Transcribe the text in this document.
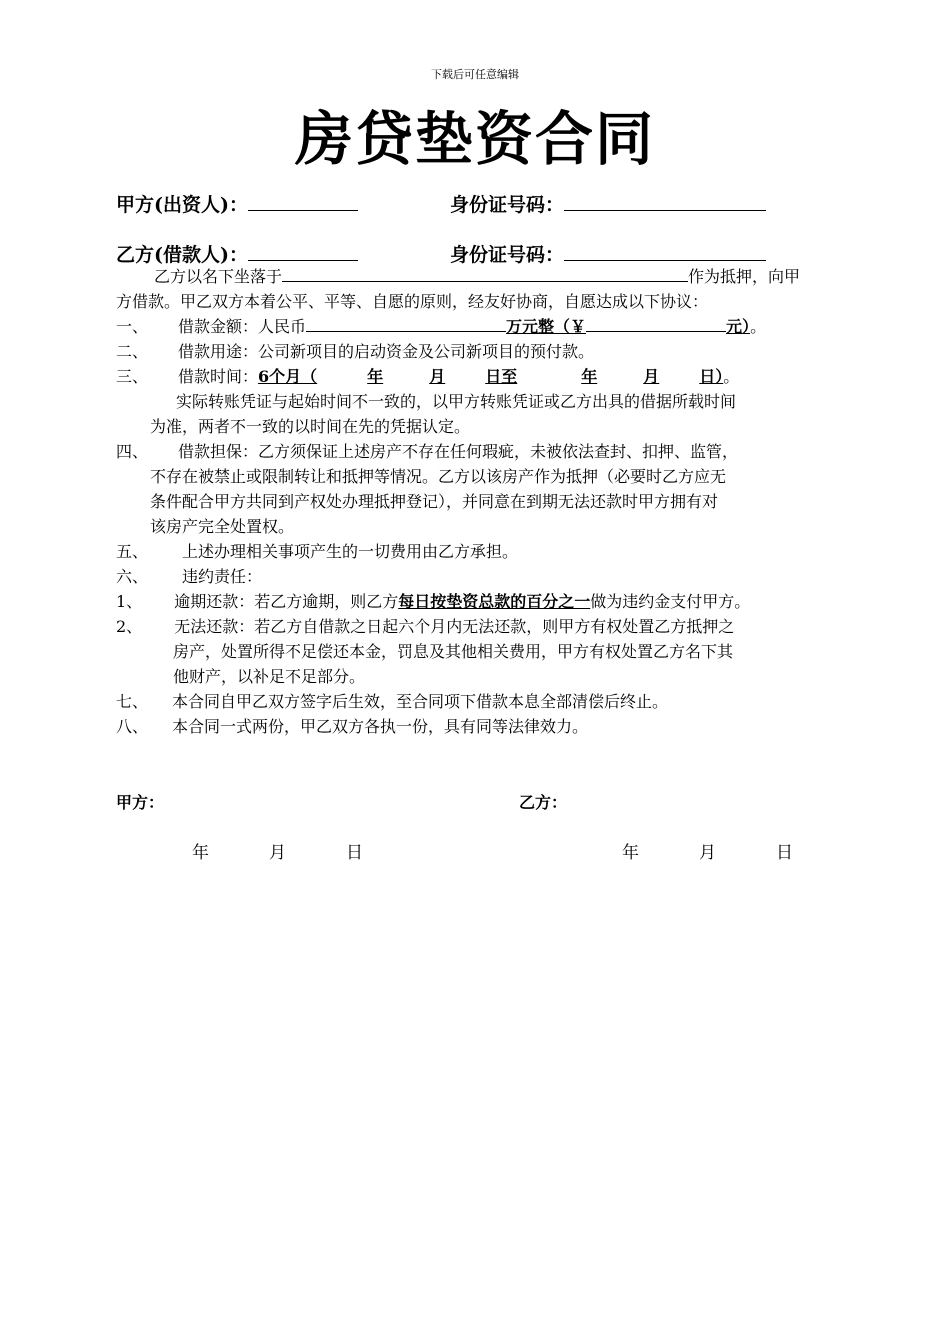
下载后可任意编辑
房贷垫资合同
甲方(出资人)：	身份证号码：
乙方(借款人)：	身份证号码：
乙方以名下坐落于	作为抵押，向甲
方借款。甲乙双方本着公平、平等、自愿的原则，经友好协商，自愿达成以下协议：
一、 借款金额：人民币	万元整（￥	元）。
二、 借款用途：公司新项目的启动资金及公司新项目的预付款。
三、 借款时间：6个月（	年	月	日至	年	月	日）。
实际转账凭证与起始时间不一致的，以甲方转账凭证或乙方出具的借据所载时间
为准，两者不一致的以时间在先的凭据认定。
四、 借款担保：乙方须保证上述房产不存在任何瑕疵，未被依法查封、扣押、监管，
不存在被禁止或限制转让和抵押等情况。乙方以该房产作为抵押（必要时乙方应无
条件配合甲方共同到产权处办理抵押登记），并同意在到期无法还款时甲方拥有对
该房产完全处置权。
五、 上述办理相关事项产生的一切费用由乙方承担。
六、 违约责任：
1、 逾期还款：若乙方逾期，则乙方每日按垫资总款的百分之一做为违约金支付甲方。
2、 无法还款：若乙方自借款之日起六个月内无法还款，则甲方有权处置乙方抵押之
房产，处置所得不足偿还本金，罚息及其他相关费用，甲方有权处置乙方名下其
他财产，以补足不足部分。
七、 本合同自甲乙双方签字后生效，至合同项下借款本息全部清偿后终止。
八、 本合同一式两份，甲乙双方各执一份，具有同等法律效力。
甲方：	乙方：
年	月	日	年	月	日
